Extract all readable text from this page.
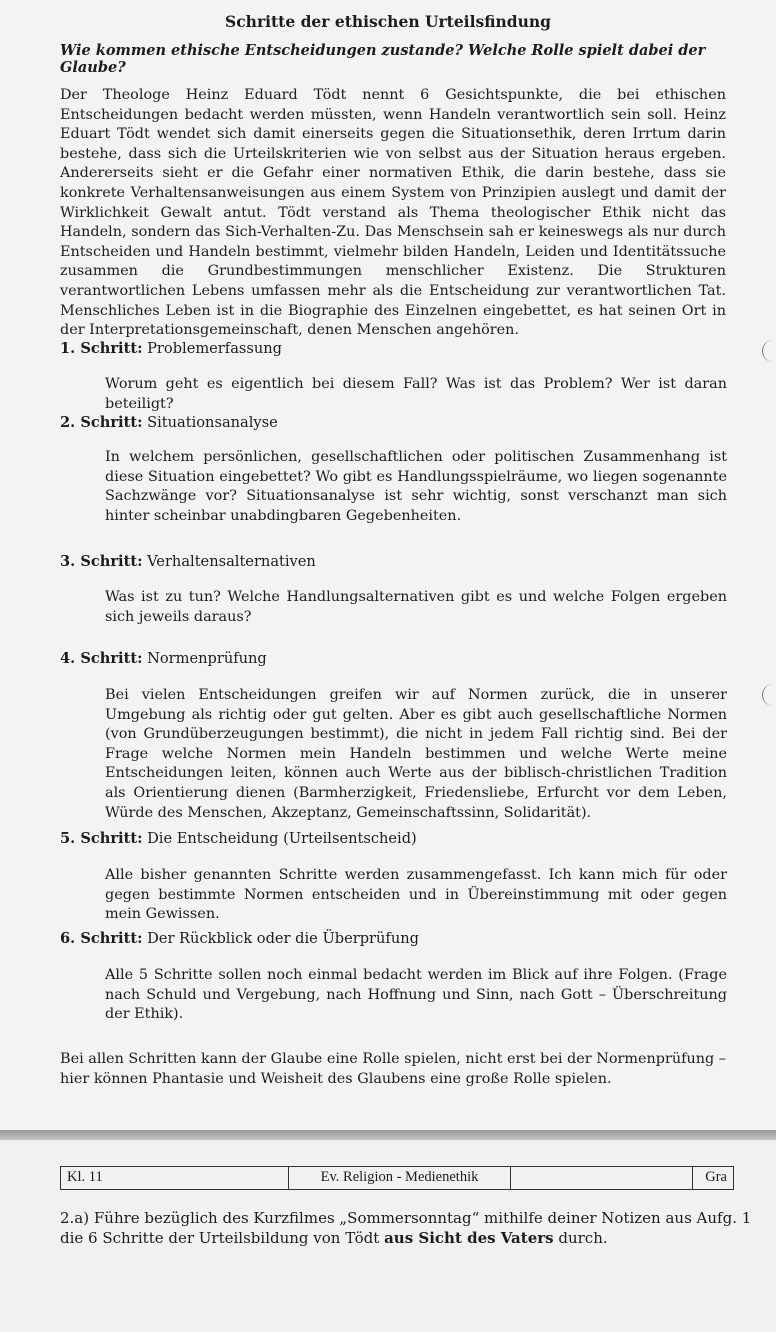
Schritte der ethischen Urteilsfindung
Wie kommen ethische Entscheidungen zustande? Welche Rolle spielt dabei der Glaube?
Der Theologe Heinz Eduard Tödt nennt 6 Gesichtspunkte, die bei ethischen Entscheidungen bedacht werden müssten, wenn Handeln verantwortlich sein soll. Heinz Eduart Tödt wendet sich damit einerseits gegen die Situationsethik, deren Irrtum darin bestehe, dass sich die Urteilskriterien wie von selbst aus der Situation heraus ergeben. Andererseits sieht er die Gefahr einer normativen Ethik, die darin bestehe, dass sie konkrete Verhaltensanweisungen aus einem System von Prinzipien auslegt und damit der Wirklichkeit Gewalt antut. Tödt verstand als Thema theologischer Ethik nicht das Handeln, sondern das Sich-Verhalten-Zu. Das Menschsein sah er keineswegs als nur durch Entscheiden und Handeln bestimmt, vielmehr bilden Handeln, Leiden und Identitätssuche zusammen die Grundbestimmungen menschlicher Existenz. Die Strukturen verantwortlichen Lebens umfassen mehr als die Entscheidung zur verantwortlichen Tat. Menschliches Leben ist in die Biographie des Einzelnen eingebettet, es hat seinen Ort in der Interpretationsgemeinschaft, denen Menschen angehören.
1. Schritt: Problemerfassung
Worum geht es eigentlich bei diesem Fall? Was ist das Problem? Wer ist daran beteiligt?
2. Schritt: Situationsanalyse
In welchem persönlichen, gesellschaftlichen oder politischen Zusammenhang ist diese Situation eingebettet? Wo gibt es Handlungsspielräume, wo liegen sogenannte Sachzwänge vor? Situationsanalyse ist sehr wichtig, sonst verschanzt man sich hinter scheinbar unabdingbaren Gegebenheiten.
3. Schritt: Verhaltensalternativen
Was ist zu tun? Welche Handlungsalternativen gibt es und welche Folgen ergeben sich jeweils daraus?
4. Schritt: Normenprüfung
Bei vielen Entscheidungen greifen wir auf Normen zurück, die in unserer Umgebung als richtig oder gut gelten. Aber es gibt auch gesellschaftliche Normen (von Grundüberzeugungen bestimmt), die nicht in jedem Fall richtig sind. Bei der Frage welche Normen mein Handeln bestimmen und welche Werte meine Entscheidungen leiten, können auch Werte aus der biblisch-christlichen Tradition als Orientierung dienen (Barmherzigkeit, Friedensliebe, Erfurcht vor dem Leben, Würde des Menschen, Akzeptanz, Gemeinschaftssinn, Solidarität).
5. Schritt: Die Entscheidung (Urteilsentscheid)
Alle bisher genannten Schritte werden zusammengefasst. Ich kann mich für oder gegen bestimmte Normen entscheiden und in Übereinstimmung mit oder gegen mein Gewissen.
6. Schritt: Der Rückblick oder die Überprüfung
Alle 5 Schritte sollen noch einmal bedacht werden im Blick auf ihre Folgen. (Frage nach Schuld und Vergebung, nach Hoffnung und Sinn, nach Gott – Überschreitung der Ethik).
Bei allen Schritten kann der Glaube eine Rolle spielen, nicht erst bei der Normenprüfung – hier können Phantasie und Weisheit des Glaubens eine große Rolle spielen.
Kl. 11	Ev. Religion - Medienethik	Gra
2.a) Führe bezüglich des Kurzfilmes „Sommersonntag“ mithilfe deiner Notizen aus Aufg. 1 die 6 Schritte der Urteilsbildung von Tödt aus Sicht des Vaters durch.
